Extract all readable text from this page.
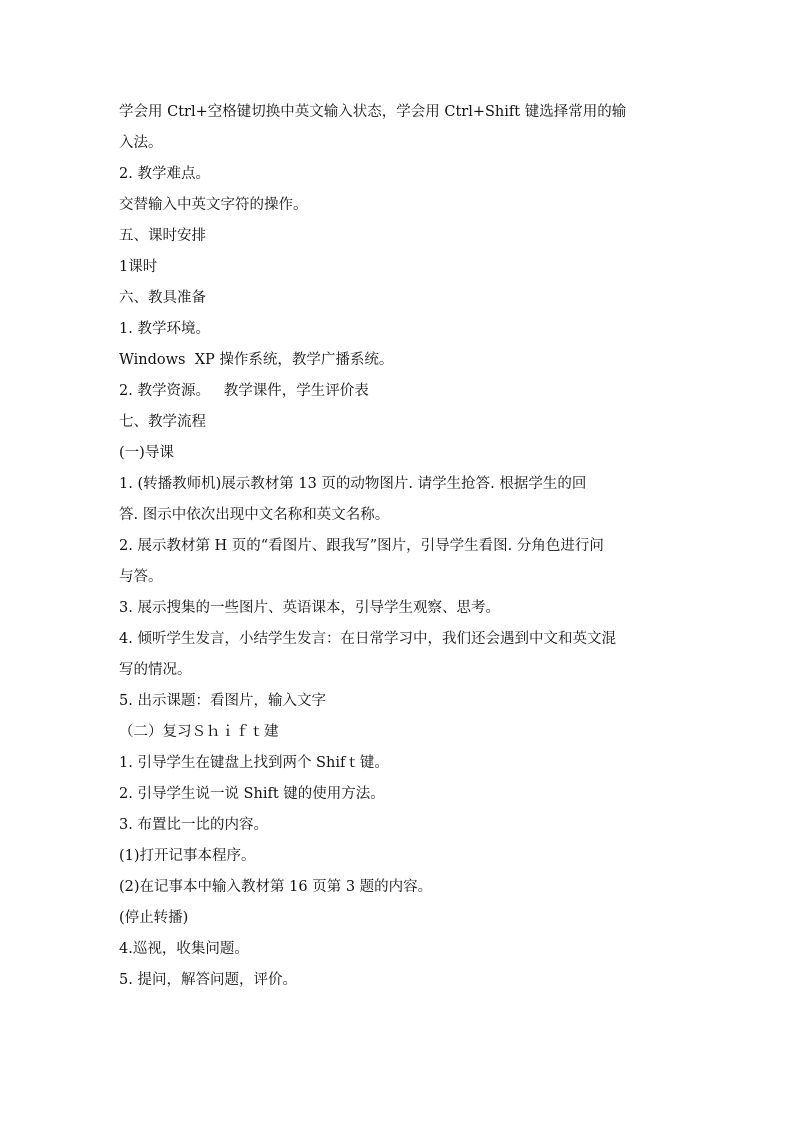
学会用 Ctrl+空格键切换中英文输入状态，学会用 Ctrl+Shift 键选择常用的输
入法。
2. 教学难点。
交替输入中英文字符的操作。
五、课时安排
1课时
六、教具准备
1. 教学环境。
Windows  XP 操作系统，教学广播系统。
2. 教学资源。   教学课件，学生评价表
七、教学流程
(一)导课
1. (转播教师机)展示教材第 13 页的动物图片. 请学生抢答. 根据学生的回
答. 图示中依次出现中文名称和英文名称。
2. 展示教材第 H 页的“看图片、跟我写”图片，引导学生看图. 分角色进行问
与答。
3. 展示搜集的一些图片、英语课本，引导学生观察、思考。
4. 倾听学生发言，小结学生发言：在日常学习中，我们还会遇到中文和英文混
写的情况。
5. 出示课题：看图片，输入文字
（二）复习Ｓｈｉｆｔ建
1. 引导学生在键盘上找到两个 Shifｔ键。
2. 引导学生说一说 Shift 键的使用方法。
3. 布置比一比的内容。
(1)打开记事本程序。
(2)在记事本中输入教材第 16 页第 3 题的内容。
(停止转播)
4.巡视，收集问题。
5. 提问，解答问题，评价。
